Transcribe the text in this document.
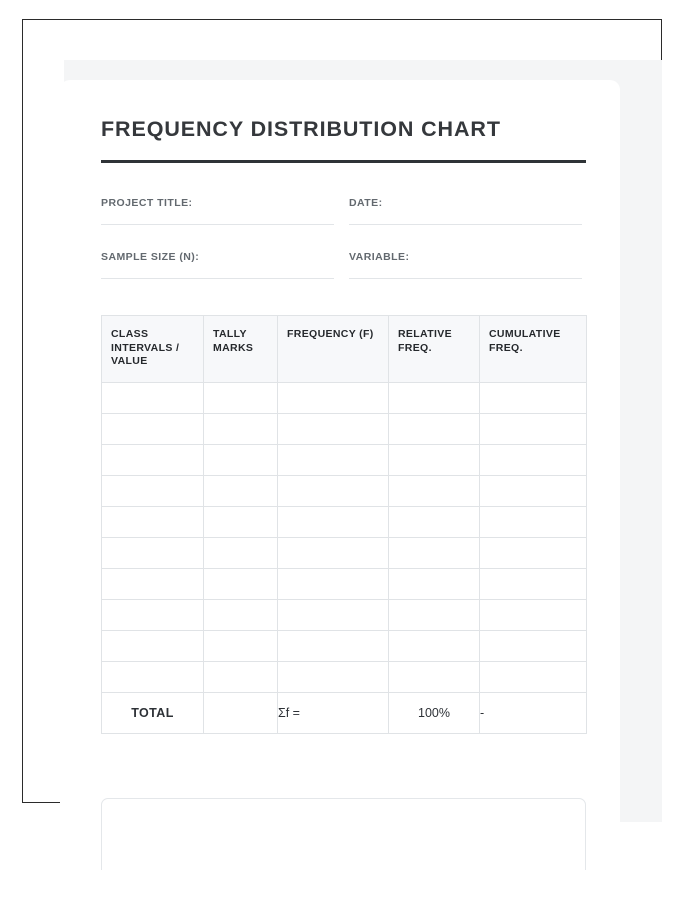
FREQUENCY DISTRIBUTION CHART
PROJECT TITLE:	DATE:
SAMPLE SIZE (N):	VARIABLE:
CLASS INTERVALS / VALUE	TALLY MARKS	FREQUENCY (F)	RELATIVE FREQ.	CUMULATIVE FREQ.

TOTAL		Σf =	100%	-
